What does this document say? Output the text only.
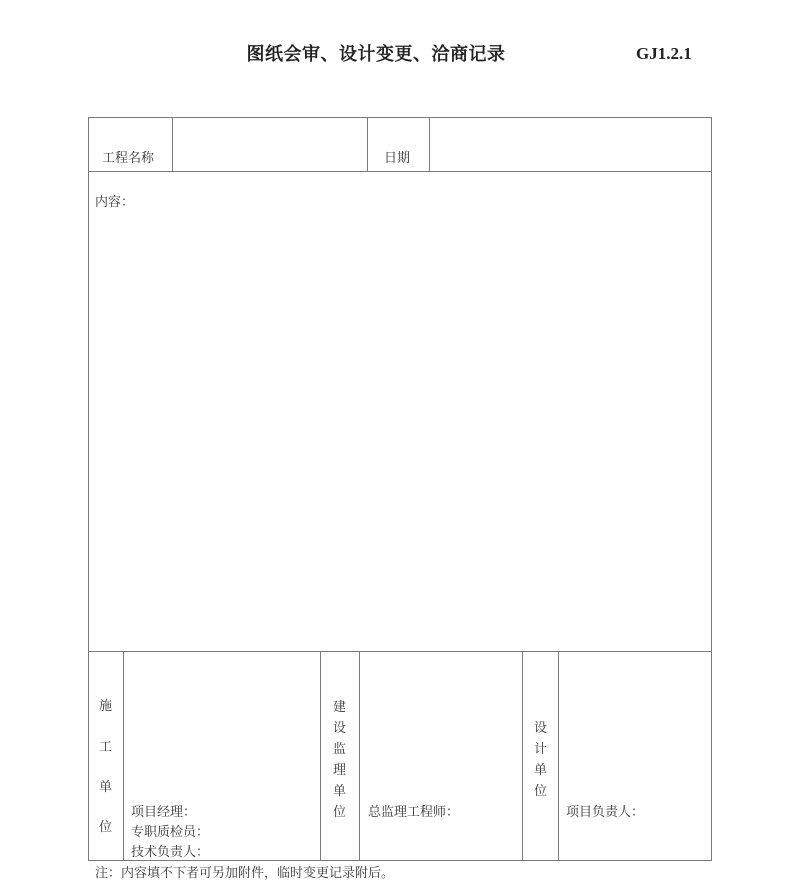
图纸会审、设计变更、洽商记录	GJ1.2.1
工程名称	日期
内容：
施
工
单
位
项目经理：
专职质检员：
技术负责人：
建
设
监
理
单
位 总监理工程师：
设
计
单
位
项目负责人：
注：内容填不下者可另加附件，临时变更记录附后。
